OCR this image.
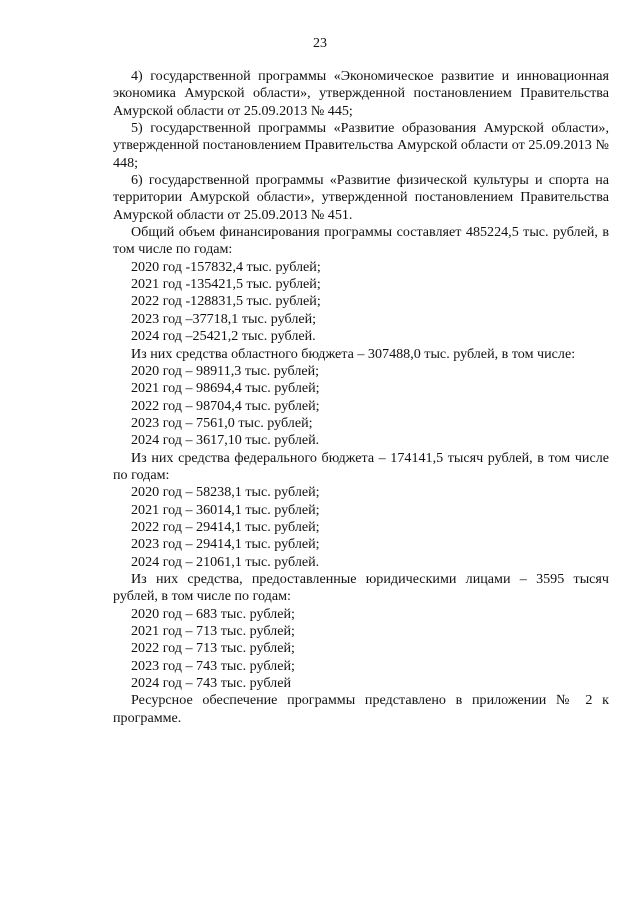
23

4) государственной программы «Экономическое развитие и инновационная экономика Амурской области», утвержденной постановлением Правительства Амурской области от 25.09.2013 № 445;

5) государственной программы «Развитие образования Амурской области», утвержденной постановлением Правительства Амурской области от 25.09.2013 № 448;

6) государственной программы «Развитие физической культуры и спорта на территории Амурской области», утвержденной постановлением Правительства Амурской области от 25.09.2013 № 451.

Общий объем финансирования программы составляет 485224,5 тыс. рублей, в том числе по годам:

2020 год -157832,4 тыс. рублей;
2021 год -135421,5 тыс. рублей;
2022 год -128831,5 тыс. рублей;
2023 год –37718,1 тыс. рублей;
2024 год –25421,2 тыс. рублей.

Из них средства областного бюджета – 307488,0 тыс. рублей, в том числе:

2020 год – 98911,3 тыс. рублей;
2021 год – 98694,4 тыс. рублей;
2022 год – 98704,4 тыс. рублей;
2023 год – 7561,0 тыс. рублей;
2024 год – 3617,10 тыс. рублей.

Из них средства федерального бюджета – 174141,5 тысяч рублей, в том числе по годам:

2020 год – 58238,1 тыс. рублей;
2021 год – 36014,1 тыс. рублей;
2022 год – 29414,1 тыс. рублей;
2023 год – 29414,1 тыс. рублей;
2024 год – 21061,1 тыс. рублей.

Из них средства, предоставленные юридическими лицами – 3595 тысяч рублей, в том числе по годам:

2020 год – 683 тыс. рублей;
2021 год – 713 тыс. рублей;
2022 год – 713 тыс. рублей;
2023 год – 743 тыс. рублей;
2024 год – 743 тыс. рублей

Ресурсное обеспечение программы представлено в приложении № 2 к программе.
